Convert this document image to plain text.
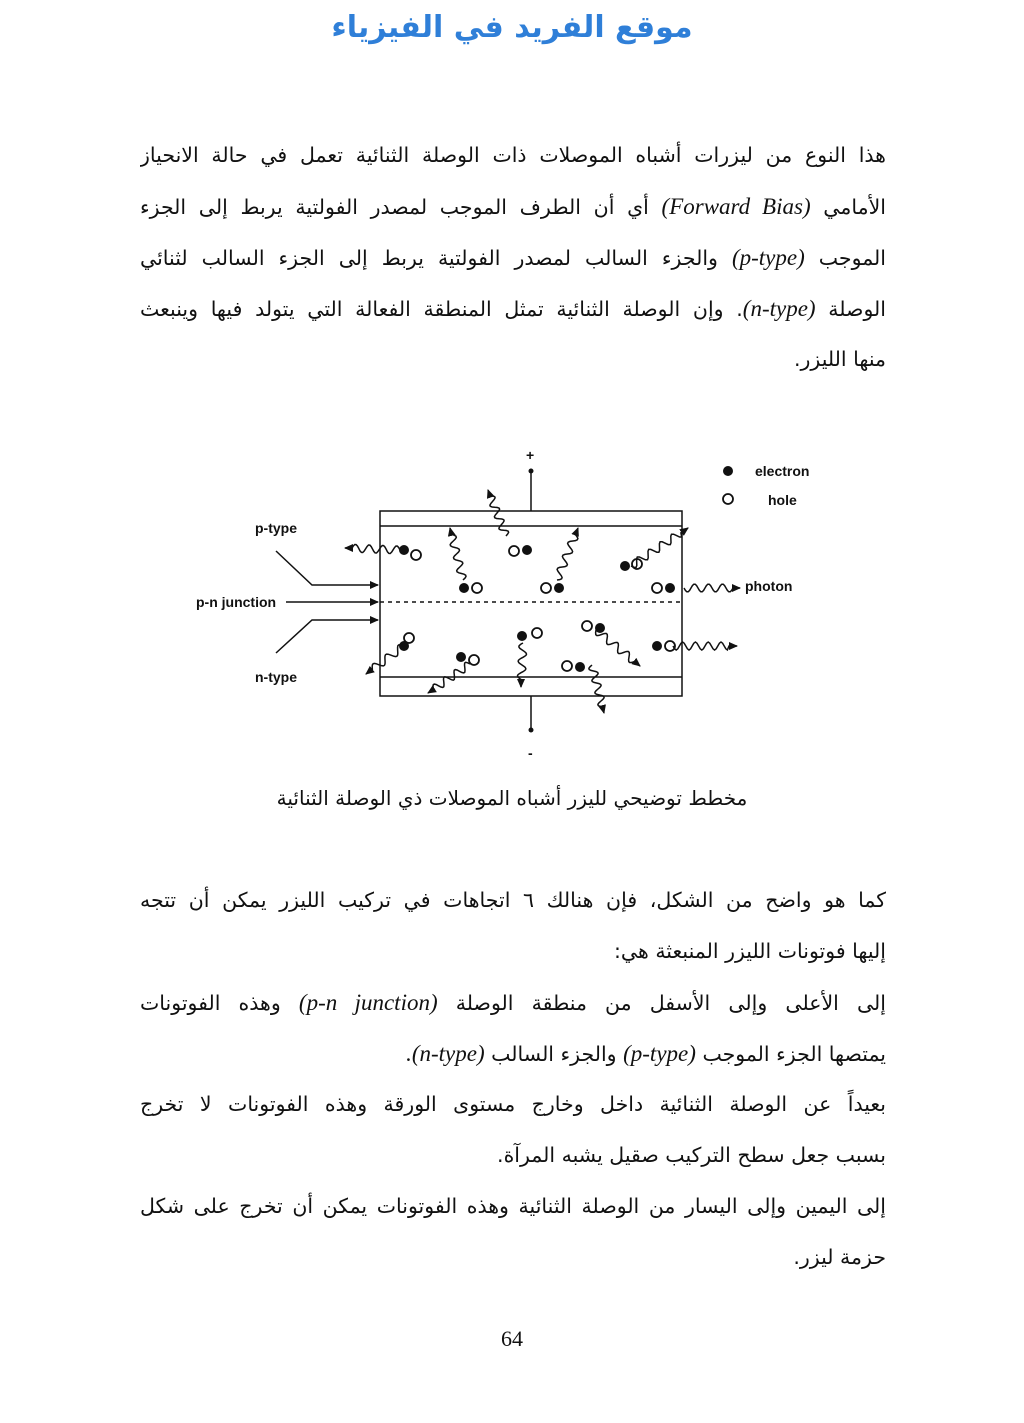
موقع الفريد في الفيزياء
هذا النوع من ليزرات أشباه الموصلات ذات الوصلة الثنائية تعمل في حالة الانحياز
الأمامي (Forward Bias) أي أن الطرف الموجب لمصدر الفولتية يربط إلى الجزء
الموجب (p-type) والجزء السالب لمصدر الفولتية يربط إلى الجزء السالب لثنائي
الوصلة (n-type). وإن الوصلة الثنائية تمثل المنطقة الفعالة التي يتولد فيها وينبعث
منها الليزر.
+
-
p-type
p-n junction
n-type
electron
hole
photon
مخطط توضيحي لليزر أشباه الموصلات ذي الوصلة الثنائية
كما هو واضح من الشكل، فإن هنالك ٦ اتجاهات في تركيب الليزر يمكن أن تتجه
إليها فوتونات الليزر المنبعثة هي:
إلى الأعلى وإلى الأسفل من منطقة الوصلة (p-n junction) وهذه الفوتونات
يمتصها الجزء الموجب (p-type) والجزء السالب (n-type).
بعيداً عن الوصلة الثنائية داخل وخارج مستوى الورقة وهذه الفوتونات لا تخرج
بسبب جعل سطح التركيب صقيل يشبه المرآة.
إلى اليمين وإلى اليسار من الوصلة الثنائية وهذه الفوتونات يمكن أن تخرج على شكل
حزمة ليزر.
64
